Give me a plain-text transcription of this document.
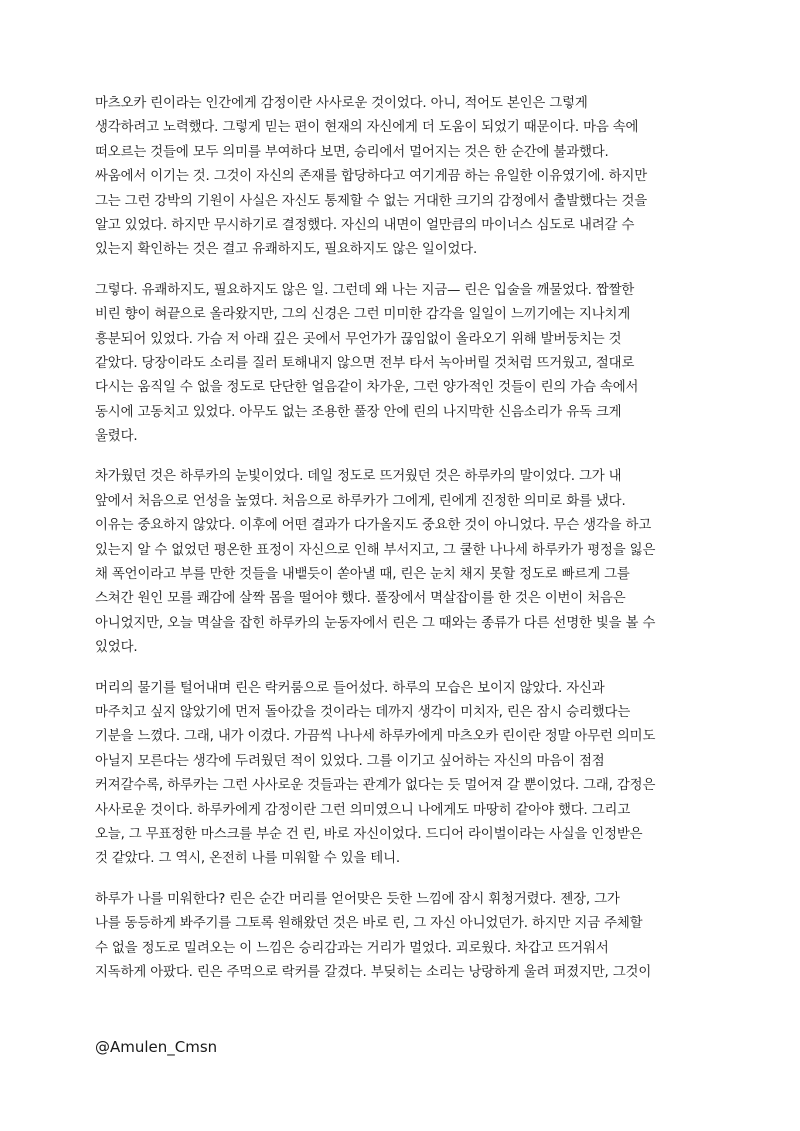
마츠오카 린이라는 인간에게 감정이란 사사로운 것이었다. 아니, 적어도 본인은 그렇게
생각하려고 노력했다. 그렇게 믿는 편이 현재의 자신에게 더 도움이 되었기 때문이다. 마음 속에
떠오르는 것들에 모두 의미를 부여하다 보면, 승리에서 멀어지는 것은 한 순간에 불과했다.
싸움에서 이기는 것. 그것이 자신의 존재를 합당하다고 여기게끔 하는 유일한 이유였기에. 하지만
그는 그런 강박의 기원이 사실은 자신도 통제할 수 없는 거대한 크기의 감정에서 출발했다는 것을
알고 있었다. 하지만 무시하기로 결정했다. 자신의 내면이 얼만큼의 마이너스 심도로 내려갈 수
있는지 확인하는 것은 결고 유쾌하지도, 필요하지도 않은 일이었다.
그렇다. 유쾌하지도, 필요하지도 않은 일. 그런데 왜 나는 지금— 린은 입술을 깨물었다. 짭짤한
비린 향이 혀끝으로 올라왔지만, 그의 신경은 그런 미미한 감각을 일일이 느끼기에는 지나치게
흥분되어 있었다. 가슴 저 아래 깊은 곳에서 무언가가 끊임없이 올라오기 위해 발버둥치는 것
같았다. 당장이라도 소리를 질러 토해내지 않으면 전부 타서 녹아버릴 것처럼 뜨거웠고, 절대로
다시는 움직일 수 없을 정도로 단단한 얼음같이 차가운, 그런 양가적인 것들이 린의 가슴 속에서
동시에 고동치고 있었다. 아무도 없는 조용한 풀장 안에 린의 나지막한 신음소리가 유독 크게
울렸다.
차가웠던 것은 하루카의 눈빛이었다. 데일 정도로 뜨거웠던 것은 하루카의 말이었다. 그가 내
앞에서 처음으로 언성을 높였다. 처음으로 하루카가 그에게, 린에게 진정한 의미로 화를 냈다.
이유는 중요하지 않았다. 이후에 어떤 결과가 다가올지도 중요한 것이 아니었다. 무슨 생각을 하고
있는지 알 수 없었던 평온한 표정이 자신으로 인해 부서지고, 그 쿨한 나나세 하루카가 평정을 잃은
채 폭언이라고 부를 만한 것들을 내뱉듯이 쏟아낼 때, 린은 눈치 채지 못할 정도로 빠르게 그를
스쳐간 원인 모를 쾌감에 살짝 몸을 떨어야 했다. 풀장에서 멱살잡이를 한 것은 이번이 처음은
아니었지만, 오늘 멱살을 잡힌 하루카의 눈동자에서 린은 그 때와는 종류가 다른 선명한 빛을 볼 수
있었다.
머리의 물기를 털어내며 린은 락커룸으로 들어섰다. 하루의 모습은 보이지 않았다. 자신과
마주치고 싶지 않았기에 먼저 돌아갔을 것이라는 데까지 생각이 미치자, 린은 잠시 승리했다는
기분을 느꼈다. 그래, 내가 이겼다. 가끔씩 나나세 하루카에게 마츠오카 린이란 정말 아무런 의미도
아닐지 모른다는 생각에 두려웠던 적이 있었다. 그를 이기고 싶어하는 자신의 마음이 점점
커져갈수록, 하루카는 그런 사사로운 것들과는 관계가 없다는 듯 멀어져 갈 뿐이었다. 그래, 감정은
사사로운 것이다. 하루카에게 감정이란 그런 의미였으니 나에게도 마땅히 같아야 했다. 그리고
오늘, 그 무표정한 마스크를 부순 건 린, 바로 자신이었다. 드디어 라이벌이라는 사실을 인정받은
것 같았다. 그 역시, 온전히 나를 미워할 수 있을 테니.
하루가 나를 미워한다? 린은 순간 머리를 얻어맞은 듯한 느낌에 잠시 휘청거렸다. 젠장, 그가
나를 동등하게 봐주기를 그토록 원해왔던 것은 바로 린, 그 자신 아니었던가. 하지만 지금 주체할
수 없을 정도로 밀려오는 이 느낌은 승리감과는 거리가 멀었다. 괴로웠다. 차갑고 뜨거워서
지독하게 아팠다. 린은 주먹으로 락커를 갈겼다. 부딪히는 소리는 낭랑하게 울려 퍼졌지만, 그것이
@Amulen_Cmsn
